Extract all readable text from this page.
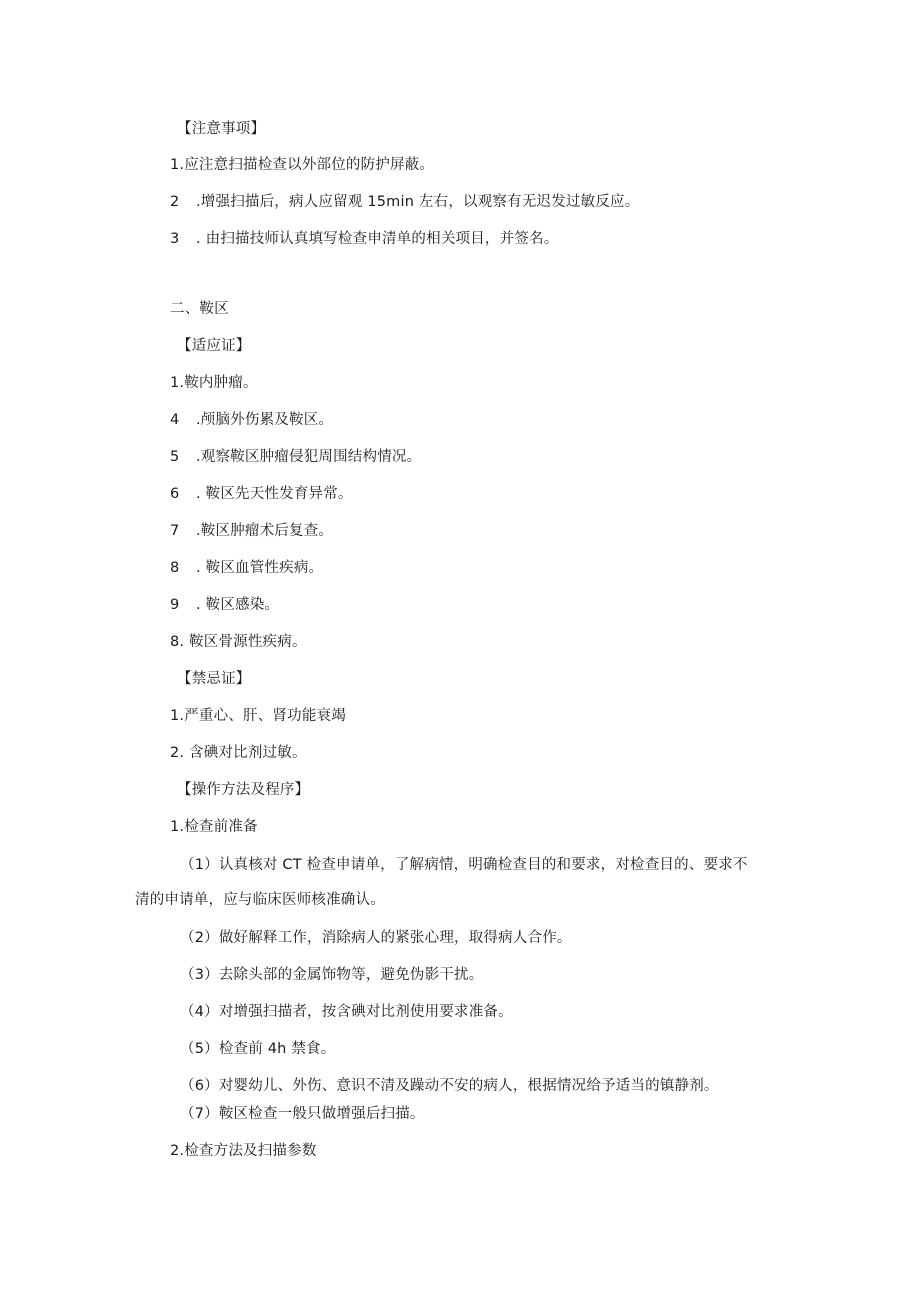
【注意事项】
1.应注意扫描检查以外部位的防护屏蔽。
2 .增强扫描后，病人应留观 15min 左右，以观察有无迟发过敏反应。
3 . 由扫描技师认真填写检查申清单的相关项目，并签名。
二、鞍区
【适应证】
1.鞍内肿瘤。
4 .颅脑外伤累及鞍区。
5 .观察鞍区肿瘤侵犯周围结构情况。
6 . 鞍区先天性发育异常。
7 .鞍区肿瘤术后复查。
8 . 鞍区血管性疾病。
9 . 鞍区感染。
8. 鞍区骨源性疾病。
【禁忌证】
1.严重心、肝、肾功能衰竭
2. 含碘对比剂过敏。
【操作方法及程序】
1.检查前准备
（1）认真核对 CT 检查申请单，了解病情，明确检查目的和要求，对检查目的、要求不
清的申请单，应与临床医师核准确认。
（2）做好解释工作，消除病人的紧张心理，取得病人合作。
（3）去除头部的金属饰物等，避免伪影干扰。
（4）对增强扫描者，按含碘对比剂使用要求准备。
（5）检查前 4h 禁食。
（6）对婴幼儿、外伤、意识不清及躁动不安的病人，根据情况给予适当的镇静剂。
（7）鞍区检查一般只做增强后扫描。
2.检查方法及扫描参数
